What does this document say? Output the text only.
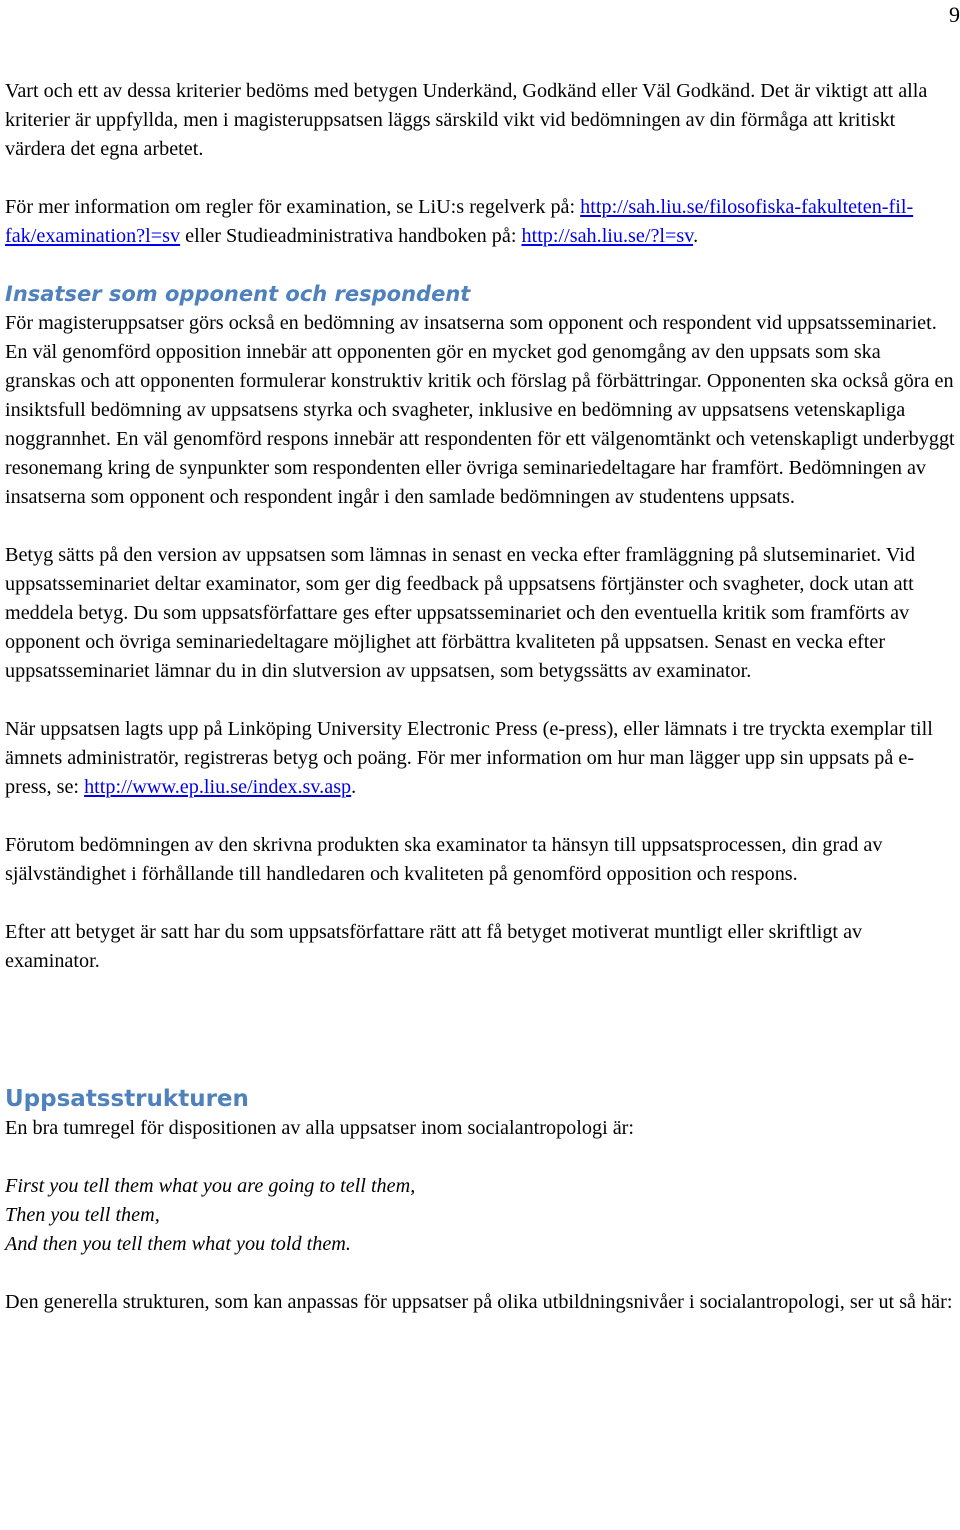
9

Vart och ett av dessa kriterier bedöms med betygen Underkänd, Godkänd eller Väl Godkänd. Det är viktigt att alla kriterier är uppfyllda, men i magisteruppsatsen läggs särskild vikt vid bedömningen av din förmåga att kritiskt värdera det egna arbetet.

För mer information om regler för examination, se LiU:s regelverk på: http://sah.liu.se/filosofiska-fakulteten-fil-fak/examination?l=sv eller Studieadministrativa handboken på: http://sah.liu.se/?l=sv.

Insatser som opponent och respondent

För magisteruppsatser görs också en bedömning av insatserna som opponent och respondent vid uppsatsseminariet. En väl genomförd opposition innebär att opponenten gör en mycket god genomgång av den uppsats som ska granskas och att opponenten formulerar konstruktiv kritik och förslag på förbättringar. Opponenten ska också göra en insiktsfull bedömning av uppsatsens styrka och svagheter, inklusive en bedömning av uppsatsens vetenskapliga noggrannhet. En väl genomförd respons innebär att respondenten för ett välgenomtänkt och vetenskapligt underbyggt resonemang kring de synpunkter som respondenten eller övriga seminariedeltagare har framfört. Bedömningen av insatserna som opponent och respondent ingår i den samlade bedömningen av studentens uppsats.

Betyg sätts på den version av uppsatsen som lämnas in senast en vecka efter framläggning på slutseminariet. Vid uppsatsseminariet deltar examinator, som ger dig feedback på uppsatsens förtjänster och svagheter, dock utan att meddela betyg. Du som uppsatsförfattare ges efter uppsatsseminariet och den eventuella kritik som framförts av opponent och övriga seminariedeltagare möjlighet att förbättra kvaliteten på uppsatsen. Senast en vecka efter uppsatsseminariet lämnar du in din slutversion av uppsatsen, som betygssätts av examinator.

När uppsatsen lagts upp på Linköping University Electronic Press (e-press), eller lämnats i tre tryckta exemplar till ämnets administratör, registreras betyg och poäng. För mer information om hur man lägger upp sin uppsats på e-press, se: http://www.ep.liu.se/index.sv.asp.

Förutom bedömningen av den skrivna produkten ska examinator ta hänsyn till uppsatsprocessen, din grad av självständighet i förhållande till handledaren och kvaliteten på genomförd opposition och respons.

Efter att betyget är satt har du som uppsatsförfattare rätt att få betyget motiverat muntligt eller skriftligt av examinator.

Uppsatsstrukturen

En bra tumregel för dispositionen av alla uppsatser inom socialantropologi är:

First you tell them what you are going to tell them,

Then you tell them,

And then you tell them what you told them.

Den generella strukturen, som kan anpassas för uppsatser på olika utbildningsnivåer i socialantropologi, ser ut så här:
